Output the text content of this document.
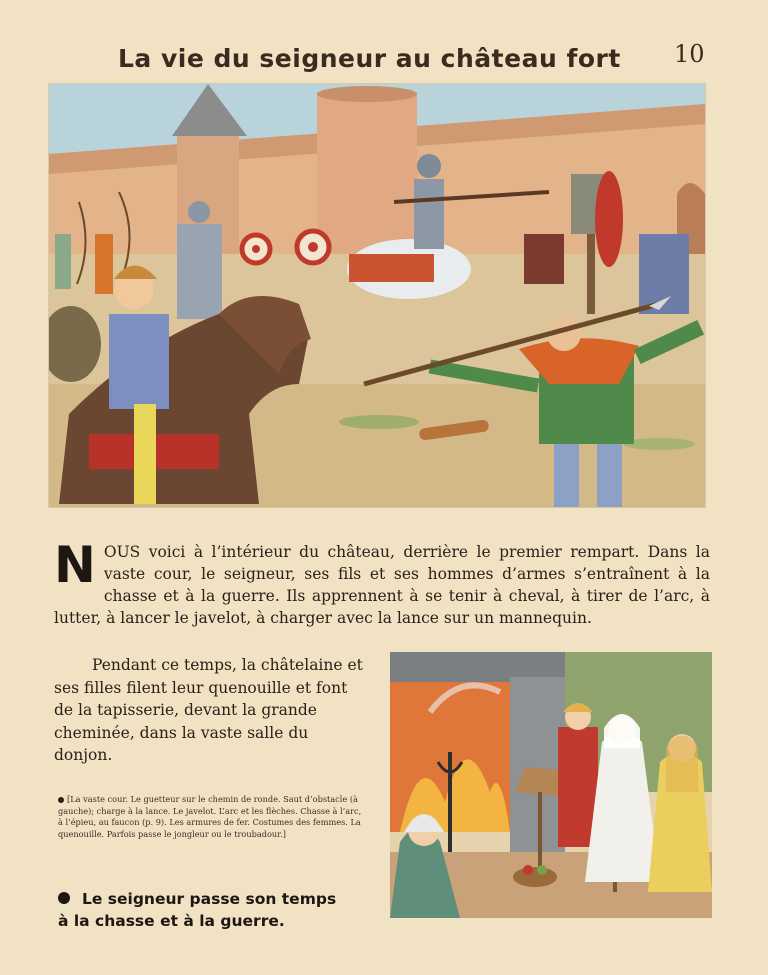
La vie du seigneur au château fort 10
NOUS voici à l’intérieur du château, derrière le premier rempart. Dans la vaste cour, le seigneur, ses fils et ses hommes d’armes s’entraînent à la chasse et à la guerre. Ils apprennent à se tenir à cheval, à tirer de l’arc, à lutter, à lancer le javelot, à charger avec la lance sur un mannequin.
Pendant ce temps, la châtelaine et ses filles filent leur quenouille et font de la tapisserie, devant la grande cheminée, dans la vaste salle du donjon.
[La vaste cour. Le guetteur sur le chemin de ronde. Saut d’obstacle (à gauche); charge à la lance. Le javelot. L’arc et les flèches. Chasse à l’arc, à l’épieu, au faucon (p. 9). Les armures de fer. Costumes des femmes. La quenouille. Parfois passe le jongleur ou le troubadour.]
Le seigneur passe son temps
à la chasse et à la guerre.
